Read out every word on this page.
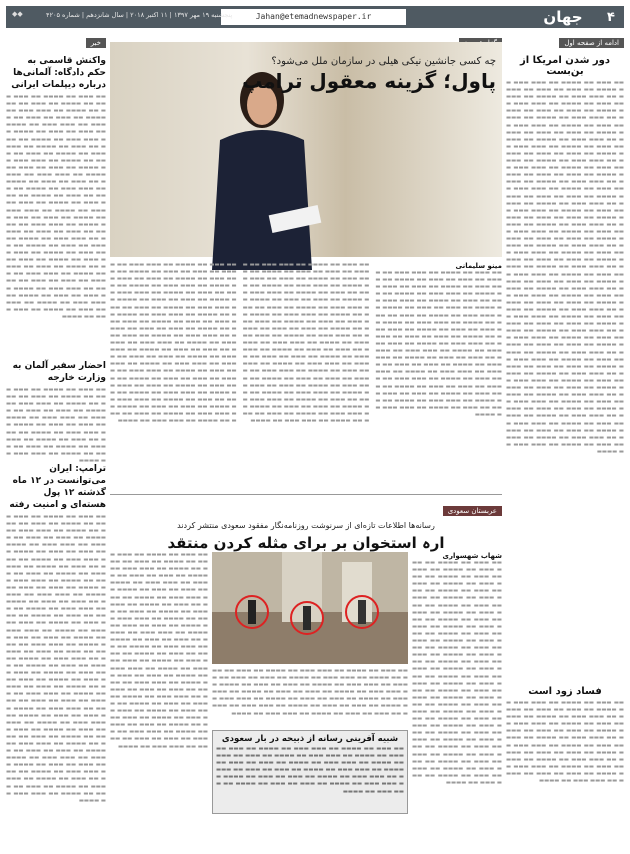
۴
جهان
Jahan@etemadnewspaper.ir
پنجشنبه ۱۹ مهر ۱۳۹۷ | ۱۱ اکتبر ۲۰۱۸ | سال شانزدهم | شماره ۴۲۰۵
◆◆
ادامه از صفحه اول
دور شدن امریکا از بن‌بست
▬▬ ▬▬▬ ▬▬ ▬▬▬▬ ▬▬ ▬▬▬ ▬▬▬ ▬▬ ▬▬▬▬ ▬▬ ▬▬▬ ▬▬ ▬▬▬ ▬▬ ▬▬▬▬ ▬▬ ▬▬▬ ▬▬▬ ▬▬ ▬▬▬▬ ▬▬ ▬▬▬ ▬▬ ▬▬▬ ▬▬ ▬▬▬▬ ▬▬ ▬▬▬ ▬▬▬ ▬▬ ▬▬▬▬ ▬▬ ▬▬▬ ▬▬ ▬▬▬ ▬▬ ▬▬▬▬ ▬▬ ▬▬▬ ▬▬▬ ▬▬ ▬▬▬▬ ▬▬ ▬▬▬ ▬▬ ▬▬▬ ▬▬ ▬▬▬▬ ▬▬ ▬▬▬ ▬▬▬ ▬▬ ▬▬▬▬ ▬▬ ▬▬▬ ▬▬ ▬▬▬ ▬▬ ▬▬▬▬ ▬▬ ▬▬▬ ▬▬▬ ▬▬ ▬▬▬▬ ▬▬ ▬▬▬ ▬▬ ▬▬▬ ▬▬ ▬▬▬▬ ▬▬ ▬▬▬ ▬▬▬ ▬▬ ▬▬▬▬ ▬▬ ▬▬▬ ▬▬ ▬▬▬ ▬▬ ▬▬▬▬ ▬▬ ▬▬▬ ▬▬▬ ▬▬ ▬▬▬▬ ▬▬ ▬▬▬ ▬▬ ▬▬▬ ▬▬ ▬▬▬▬ ▬▬ ▬▬▬ ▬▬▬ ▬▬ ▬▬▬▬ ▬▬ ▬▬▬ ▬▬ ▬▬▬ ▬▬ ▬▬▬▬ ▬▬ ▬▬▬ ▬▬▬ ▬▬ ▬▬▬▬ ▬▬ ▬▬▬ ▬▬ ▬▬▬ ▬▬ ▬▬▬▬ ▬▬ ▬▬▬ ▬▬▬ ▬▬ ▬▬▬▬ ▬▬ ▬▬▬ ▬▬ ▬▬▬ ▬▬ ▬▬▬▬ ▬▬ ▬▬▬ ▬▬▬ ▬▬ ▬▬▬▬ ▬▬ ▬▬▬ ▬▬ ▬▬▬ ▬▬ ▬▬▬▬ ▬▬ ▬▬▬ ▬▬▬ ▬▬ ▬▬▬▬ ▬▬ ▬▬▬ ▬▬ ▬▬▬ ▬▬ ▬▬▬▬ ▬▬ ▬▬▬ ▬▬▬ ▬▬ ▬▬▬▬ ▬▬ ▬▬▬ ▬▬ ▬▬▬ ▬▬ ▬▬▬▬ ▬▬ ▬▬▬ ▬▬▬ ▬▬ ▬▬▬▬ ▬▬ ▬▬▬ ▬▬ ▬▬▬ ▬▬ ▬▬▬▬ ▬▬ ▬▬▬ ▬▬▬ ▬▬ ▬▬▬▬ ▬▬ ▬▬▬ ▬▬ ▬▬▬ ▬▬ ▬▬▬▬ ▬▬ ▬▬▬ ▬▬▬ ▬▬ ▬▬▬▬ ▬▬ ▬▬▬ ▬▬ ▬▬▬ ▬▬ ▬▬▬▬ ▬▬ ▬▬▬ ▬▬▬ ▬▬ ▬▬▬▬ ▬▬ ▬▬▬ ▬▬ ▬▬▬ ▬▬ ▬▬▬▬ ▬▬ ▬▬▬ ▬▬▬ ▬▬ ▬▬▬▬ ▬▬ ▬▬▬ ▬▬ ▬▬▬ ▬▬ ▬▬▬▬ ▬▬ ▬▬▬ ▬▬▬ ▬▬ ▬▬▬▬ ▬▬ ▬▬▬ ▬▬ ▬▬▬ ▬▬ ▬▬▬▬ ▬▬ ▬▬▬ ▬▬▬ ▬▬ ▬▬▬▬ ▬▬ ▬▬▬ ▬▬ ▬▬▬ ▬▬ ▬▬▬▬ ▬▬ ▬▬▬ ▬▬▬ ▬▬ ▬▬▬▬ ▬▬ ▬▬▬ ▬▬ ▬▬▬ ▬▬ ▬▬▬▬ ▬▬ ▬▬▬ ▬▬▬ ▬▬ ▬▬▬▬ ▬▬ ▬▬▬ ▬▬ ▬▬▬ ▬▬ ▬▬▬▬ ▬▬ ▬▬▬ ▬▬▬ ▬▬ ▬▬▬▬ ▬▬ ▬▬▬ ▬▬ ▬▬▬ ▬▬ ▬▬▬▬ ▬▬ ▬▬▬ ▬▬▬ ▬▬ ▬▬▬▬ ▬▬ ▬▬▬ ▬▬ ▬▬▬ ▬▬ ▬▬▬▬ ▬▬ ▬▬▬ ▬▬▬ ▬▬ ▬▬▬▬ ▬▬ ▬▬▬ ▬▬ ▬▬▬ ▬▬ ▬▬▬▬ ▬▬ ▬▬▬ ▬▬▬ ▬▬ ▬▬▬▬ ▬▬ ▬▬▬ ▬▬ ▬▬▬ ▬▬ ▬▬▬▬ ▬▬ ▬▬▬ ▬▬▬ ▬▬ ▬▬▬▬ ▬▬ ▬▬▬ ▬▬ ▬▬▬ ▬▬ ▬▬▬▬ ▬▬ ▬▬▬ ▬▬▬ ▬▬ ▬▬▬▬ ▬▬ ▬▬▬ ▬▬ ▬▬▬ ▬▬ ▬▬▬▬ ▬▬ ▬▬▬ ▬▬▬ ▬▬ ▬▬▬▬ ▬▬ ▬▬▬ ▬▬ ▬▬▬ ▬▬ ▬▬▬▬ ▬▬ ▬▬▬ ▬▬▬ ▬▬ ▬▬▬▬ ▬▬ ▬▬▬ ▬▬ ▬▬▬ ▬▬ ▬▬▬▬ ▬▬ ▬▬▬ ▬▬▬ ▬▬ ▬▬▬▬ ▬▬ ▬▬▬ ▬▬ ▬▬▬ ▬▬ ▬▬▬▬ ▬▬ ▬▬▬ ▬▬▬ ▬▬ ▬▬▬▬ ▬▬ ▬▬▬ ▬▬ ▬▬▬ ▬▬ ▬▬▬▬ ▬▬ ▬▬▬ ▬▬▬ ▬▬ ▬▬▬▬ ▬▬ ▬▬▬ ▬▬ ▬▬▬ ▬▬ ▬▬▬▬ ▬▬ ▬▬▬ ▬▬▬ ▬▬ ▬▬▬▬
فساد زود است
▬▬ ▬▬▬ ▬▬ ▬▬▬▬ ▬▬ ▬▬▬ ▬▬▬ ▬▬ ▬▬▬▬ ▬▬ ▬▬▬ ▬▬ ▬▬▬ ▬▬ ▬▬▬▬ ▬▬ ▬▬▬ ▬▬▬ ▬▬ ▬▬▬▬ ▬▬ ▬▬▬ ▬▬ ▬▬▬ ▬▬ ▬▬▬▬ ▬▬ ▬▬▬ ▬▬▬ ▬▬ ▬▬▬▬ ▬▬ ▬▬▬ ▬▬ ▬▬▬ ▬▬ ▬▬▬▬ ▬▬ ▬▬▬ ▬▬▬ ▬▬ ▬▬▬▬ ▬▬ ▬▬▬ ▬▬ ▬▬▬ ▬▬ ▬▬▬▬ ▬▬ ▬▬▬ ▬▬▬ ▬▬ ▬▬▬▬ ▬▬ ▬▬▬ ▬▬ ▬▬▬ ▬▬ ▬▬▬▬ ▬▬ ▬▬▬ ▬▬▬ ▬▬ ▬▬▬▬ ▬▬ ▬▬▬ ▬▬ ▬▬▬ ▬▬ ▬▬▬▬ ▬▬ ▬▬▬ ▬▬▬ ▬▬ ▬▬▬▬ ▬▬ ▬▬▬ ▬▬ ▬▬▬ ▬▬ ▬▬▬▬ ▬▬ ▬▬▬ ▬▬▬ ▬▬ ▬▬▬▬
چه کسی جانشین نیکی هیلی در سازمان ملل می‌شود؟
پاول؛ گزینه معقول ترامپ
مینو سلیمانی
▬▬ ▬▬▬ ▬▬ ▬▬▬▬ ▬▬ ▬▬▬ ▬▬▬ ▬▬ ▬▬▬▬ ▬▬ ▬▬▬ ▬▬ ▬▬▬ ▬▬ ▬▬▬▬ ▬▬ ▬▬▬ ▬▬▬ ▬▬ ▬▬▬▬ ▬▬ ▬▬▬ ▬▬ ▬▬▬ ▬▬ ▬▬▬▬ ▬▬ ▬▬▬ ▬▬▬ ▬▬ ▬▬▬▬ ▬▬ ▬▬▬ ▬▬ ▬▬▬ ▬▬ ▬▬▬▬ ▬▬ ▬▬▬ ▬▬▬ ▬▬ ▬▬▬▬ ▬▬ ▬▬▬ ▬▬ ▬▬▬ ▬▬ ▬▬▬▬ ▬▬ ▬▬▬ ▬▬▬ ▬▬ ▬▬▬▬ ▬▬ ▬▬▬ ▬▬ ▬▬▬ ▬▬ ▬▬▬▬ ▬▬ ▬▬▬ ▬▬▬ ▬▬ ▬▬▬▬ ▬▬ ▬▬▬ ▬▬ ▬▬▬ ▬▬ ▬▬▬▬ ▬▬ ▬▬▬ ▬▬▬ ▬▬ ▬▬▬▬ ▬▬ ▬▬▬ ▬▬ ▬▬▬ ▬▬ ▬▬▬▬ ▬▬ ▬▬▬ ▬▬▬ ▬▬ ▬▬▬▬ ▬▬ ▬▬▬ ▬▬ ▬▬▬ ▬▬ ▬▬▬▬ ▬▬ ▬▬▬ ▬▬▬ ▬▬ ▬▬▬▬ ▬▬ ▬▬▬ ▬▬ ▬▬▬ ▬▬ ▬▬▬▬ ▬▬ ▬▬▬ ▬▬▬ ▬▬ ▬▬▬▬ ▬▬ ▬▬▬ ▬▬ ▬▬▬ ▬▬ ▬▬▬▬ ▬▬ ▬▬▬ ▬▬▬ ▬▬ ▬▬▬▬ ▬▬ ▬▬▬ ▬▬ ▬▬▬ ▬▬ ▬▬▬▬ ▬▬ ▬▬▬ ▬▬▬ ▬▬ ▬▬▬▬ ▬▬ ▬▬▬ ▬▬ ▬▬▬ ▬▬ ▬▬▬▬ ▬▬ ▬▬▬ ▬▬▬ ▬▬ ▬▬▬▬ ▬▬ ▬▬▬ ▬▬ ▬▬▬ ▬▬ ▬▬▬▬ ▬▬ ▬▬▬ ▬▬▬ ▬▬ ▬▬▬▬ ▬▬ ▬▬▬ ▬▬ ▬▬▬ ▬▬ ▬▬▬▬ ▬▬ ▬▬▬ ▬▬▬ ▬▬ ▬▬▬▬
▬▬ ▬▬▬ ▬▬ ▬▬▬▬ ▬▬ ▬▬▬ ▬▬▬ ▬▬ ▬▬▬▬ ▬▬ ▬▬▬ ▬▬ ▬▬▬ ▬▬ ▬▬▬▬ ▬▬ ▬▬▬ ▬▬▬ ▬▬ ▬▬▬▬ ▬▬ ▬▬▬ ▬▬ ▬▬▬ ▬▬ ▬▬▬▬ ▬▬ ▬▬▬ ▬▬▬ ▬▬ ▬▬▬▬ ▬▬ ▬▬▬ ▬▬ ▬▬▬ ▬▬ ▬▬▬▬ ▬▬ ▬▬▬ ▬▬▬ ▬▬ ▬▬▬▬ ▬▬ ▬▬▬ ▬▬ ▬▬▬ ▬▬ ▬▬▬▬ ▬▬ ▬▬▬ ▬▬▬ ▬▬ ▬▬▬▬ ▬▬ ▬▬▬ ▬▬ ▬▬▬ ▬▬ ▬▬▬▬ ▬▬ ▬▬▬ ▬▬▬ ▬▬ ▬▬▬▬ ▬▬ ▬▬▬ ▬▬ ▬▬▬ ▬▬ ▬▬▬▬ ▬▬ ▬▬▬ ▬▬▬ ▬▬ ▬▬▬▬ ▬▬ ▬▬▬ ▬▬ ▬▬▬ ▬▬ ▬▬▬▬ ▬▬ ▬▬▬ ▬▬▬ ▬▬ ▬▬▬▬ ▬▬ ▬▬▬ ▬▬ ▬▬▬ ▬▬ ▬▬▬▬ ▬▬ ▬▬▬ ▬▬▬ ▬▬ ▬▬▬▬ ▬▬ ▬▬▬ ▬▬ ▬▬▬ ▬▬ ▬▬▬▬ ▬▬ ▬▬▬ ▬▬▬ ▬▬ ▬▬▬▬ ▬▬ ▬▬▬ ▬▬ ▬▬▬ ▬▬ ▬▬▬▬ ▬▬ ▬▬▬ ▬▬▬ ▬▬ ▬▬▬▬ ▬▬ ▬▬▬ ▬▬ ▬▬▬ ▬▬ ▬▬▬▬ ▬▬ ▬▬▬ ▬▬▬ ▬▬ ▬▬▬▬ ▬▬ ▬▬▬ ▬▬ ▬▬▬ ▬▬ ▬▬▬▬ ▬▬ ▬▬▬ ▬▬▬ ▬▬ ▬▬▬▬ ▬▬ ▬▬▬ ▬▬ ▬▬▬ ▬▬ ▬▬▬▬ ▬▬ ▬▬▬ ▬▬▬ ▬▬ ▬▬▬▬ ▬▬ ▬▬▬ ▬▬ ▬▬▬ ▬▬ ▬▬▬▬ ▬▬ ▬▬▬ ▬▬▬ ▬▬ ▬▬▬▬ ▬▬ ▬▬▬ ▬▬ ▬▬▬ ▬▬ ▬▬▬▬ ▬▬ ▬▬▬ ▬▬▬ ▬▬ ▬▬▬▬ ▬▬ ▬▬▬ ▬▬ ▬▬▬ ▬▬ ▬▬▬▬ ▬▬ ▬▬▬ ▬▬▬ ▬▬ ▬▬▬▬
▬▬ ▬▬▬ ▬▬ ▬▬▬▬ ▬▬ ▬▬▬ ▬▬▬ ▬▬ ▬▬▬▬ ▬▬ ▬▬▬ ▬▬ ▬▬▬ ▬▬ ▬▬▬▬ ▬▬ ▬▬▬ ▬▬▬ ▬▬ ▬▬▬▬ ▬▬ ▬▬▬ ▬▬ ▬▬▬ ▬▬ ▬▬▬▬ ▬▬ ▬▬▬ ▬▬▬ ▬▬ ▬▬▬▬ ▬▬ ▬▬▬ ▬▬ ▬▬▬ ▬▬ ▬▬▬▬ ▬▬ ▬▬▬ ▬▬▬ ▬▬ ▬▬▬▬ ▬▬ ▬▬▬ ▬▬ ▬▬▬ ▬▬ ▬▬▬▬ ▬▬ ▬▬▬ ▬▬▬ ▬▬ ▬▬▬▬ ▬▬ ▬▬▬ ▬▬ ▬▬▬ ▬▬ ▬▬▬▬ ▬▬ ▬▬▬ ▬▬▬ ▬▬ ▬▬▬▬ ▬▬ ▬▬▬ ▬▬ ▬▬▬ ▬▬ ▬▬▬▬ ▬▬ ▬▬▬ ▬▬▬ ▬▬ ▬▬▬▬ ▬▬ ▬▬▬ ▬▬ ▬▬▬ ▬▬ ▬▬▬▬ ▬▬ ▬▬▬ ▬▬▬ ▬▬ ▬▬▬▬ ▬▬ ▬▬▬ ▬▬ ▬▬▬ ▬▬ ▬▬▬▬ ▬▬ ▬▬▬ ▬▬▬ ▬▬ ▬▬▬▬ ▬▬ ▬▬▬ ▬▬ ▬▬▬ ▬▬ ▬▬▬▬ ▬▬ ▬▬▬ ▬▬▬ ▬▬ ▬▬▬▬ ▬▬ ▬▬▬ ▬▬ ▬▬▬ ▬▬ ▬▬▬▬ ▬▬ ▬▬▬ ▬▬▬ ▬▬ ▬▬▬▬ ▬▬ ▬▬▬ ▬▬ ▬▬▬ ▬▬ ▬▬▬▬ ▬▬ ▬▬▬ ▬▬▬ ▬▬ ▬▬▬▬ ▬▬ ▬▬▬ ▬▬ ▬▬▬ ▬▬ ▬▬▬▬ ▬▬ ▬▬▬ ▬▬▬ ▬▬ ▬▬▬▬ ▬▬ ▬▬▬ ▬▬ ▬▬▬ ▬▬ ▬▬▬▬ ▬▬ ▬▬▬ ▬▬▬ ▬▬ ▬▬▬▬ ▬▬ ▬▬▬ ▬▬ ▬▬▬ ▬▬ ▬▬▬▬ ▬▬ ▬▬▬ ▬▬▬ ▬▬ ▬▬▬▬ ▬▬ ▬▬▬ ▬▬ ▬▬▬ ▬▬ ▬▬▬▬ ▬▬ ▬▬▬ ▬▬▬ ▬▬ ▬▬▬▬ ▬▬ ▬▬▬ ▬▬ ▬▬▬ ▬▬ ▬▬▬▬ ▬▬ ▬▬▬ ▬▬▬ ▬▬ ▬▬▬▬
عربستان سعودی
رسانه‌ها اطلاعات تازه‌ای از سرنوشت روزنامه‌نگار مفقود سعودی منتشر کردند
ارہ استخوان بر برای مثله کردن منتقد
▬▬ ▬▬▬ ▬▬ ▬▬▬▬ ▬▬ ▬▬▬ ▬▬▬ ▬▬ ▬▬▬▬ ▬▬ ▬▬▬ ▬▬ ▬▬▬ ▬▬ ▬▬▬▬ ▬▬ ▬▬▬ ▬▬▬ ▬▬ ▬▬▬▬ ▬▬ ▬▬▬ ▬▬ ▬▬▬ ▬▬ ▬▬▬▬ ▬▬ ▬▬▬ ▬▬▬ ▬▬ ▬▬▬▬ ▬▬ ▬▬▬ ▬▬ ▬▬▬ ▬▬ ▬▬▬▬ ▬▬ ▬▬▬ ▬▬▬ ▬▬ ▬▬▬▬ ▬▬ ▬▬▬ ▬▬ ▬▬▬ ▬▬ ▬▬▬▬ ▬▬ ▬▬▬ ▬▬▬ ▬▬ ▬▬▬▬ ▬▬ ▬▬▬ ▬▬ ▬▬▬ ▬▬ ▬▬▬▬ ▬▬ ▬▬▬ ▬▬▬ ▬▬ ▬▬▬▬ ▬▬ ▬▬▬ ▬▬ ▬▬▬ ▬▬ ▬▬▬▬ ▬▬ ▬▬▬ ▬▬▬ ▬▬ ▬▬▬▬ ▬▬ ▬▬▬ ▬▬ ▬▬▬ ▬▬ ▬▬▬▬ ▬▬ ▬▬▬ ▬▬▬ ▬▬ ▬▬▬▬ ▬▬ ▬▬▬ ▬▬ ▬▬▬ ▬▬ ▬▬▬▬ ▬▬ ▬▬▬ ▬▬▬ ▬▬ ▬▬▬▬ ▬▬ ▬▬▬ ▬▬ ▬▬▬ ▬▬ ▬▬▬▬ ▬▬ ▬▬▬ ▬▬▬ ▬▬ ▬▬▬▬ ▬▬ ▬▬▬ ▬▬ ▬▬▬ ▬▬ ▬▬▬▬ ▬▬ ▬▬▬ ▬▬▬ ▬▬ ▬▬▬▬ ▬▬ ▬▬▬ ▬▬ ▬▬▬ ▬▬ ▬▬▬▬ ▬▬ ▬▬▬ ▬▬▬ ▬▬ ▬▬▬▬ ▬▬ ▬▬▬ ▬▬ ▬▬▬ ▬▬ ▬▬▬▬ ▬▬ ▬▬▬ ▬▬▬ ▬▬ ▬▬▬▬ ▬▬ ▬▬▬ ▬▬ ▬▬▬ ▬▬ ▬▬▬▬ ▬▬ ▬▬▬ ▬▬▬ ▬▬ ▬▬▬▬ ▬▬ ▬▬▬ ▬▬ ▬▬▬ ▬▬ ▬▬▬▬ ▬▬ ▬▬▬ ▬▬▬ ▬▬ ▬▬▬▬ ▬▬ ▬▬▬ ▬▬ ▬▬▬ ▬▬ ▬▬▬▬ ▬▬ ▬▬▬ ▬▬▬ ▬▬ ▬▬▬▬
▬▬ ▬▬▬ ▬▬ ▬▬▬▬ ▬▬ ▬▬▬ ▬▬▬ ▬▬ ▬▬▬▬ ▬▬ ▬▬▬ ▬▬ ▬▬▬ ▬▬ ▬▬▬▬ ▬▬ ▬▬▬ ▬▬▬ ▬▬ ▬▬▬▬ ▬▬ ▬▬▬ ▬▬ ▬▬▬ ▬▬ ▬▬▬▬ ▬▬ ▬▬▬ ▬▬▬ ▬▬ ▬▬▬▬ ▬▬ ▬▬▬ ▬▬ ▬▬▬ ▬▬ ▬▬▬▬ ▬▬ ▬▬▬ ▬▬▬ ▬▬ ▬▬▬▬ ▬▬ ▬▬▬ ▬▬ ▬▬▬ ▬▬ ▬▬▬▬ ▬▬ ▬▬▬ ▬▬▬ ▬▬ ▬▬▬▬ ▬▬ ▬▬▬ ▬▬ ▬▬▬ ▬▬ ▬▬▬▬ ▬▬ ▬▬▬ ▬▬▬ ▬▬ ▬▬▬▬ ▬▬ ▬▬▬ ▬▬ ▬▬▬ ▬▬ ▬▬▬▬ ▬▬ ▬▬▬ ▬▬▬ ▬▬ ▬▬▬▬ ▬▬ ▬▬▬ ▬▬ ▬▬▬ ▬▬ ▬▬▬▬ ▬▬ ▬▬▬ ▬▬▬ ▬▬ ▬▬▬▬
شهاب شهسواری
▬▬ ▬▬▬ ▬▬ ▬▬▬▬ ▬▬ ▬▬▬ ▬▬▬ ▬▬ ▬▬▬▬ ▬▬ ▬▬▬ ▬▬ ▬▬▬ ▬▬ ▬▬▬▬ ▬▬ ▬▬▬ ▬▬▬ ▬▬ ▬▬▬▬ ▬▬ ▬▬▬ ▬▬ ▬▬▬ ▬▬ ▬▬▬▬ ▬▬ ▬▬▬ ▬▬▬ ▬▬ ▬▬▬▬ ▬▬ ▬▬▬ ▬▬ ▬▬▬ ▬▬ ▬▬▬▬ ▬▬ ▬▬▬ ▬▬▬ ▬▬ ▬▬▬▬ ▬▬ ▬▬▬ ▬▬ ▬▬▬ ▬▬ ▬▬▬▬ ▬▬ ▬▬▬ ▬▬▬ ▬▬ ▬▬▬▬ ▬▬ ▬▬▬ ▬▬ ▬▬▬ ▬▬ ▬▬▬▬ ▬▬ ▬▬▬ ▬▬▬ ▬▬ ▬▬▬▬ ▬▬ ▬▬▬ ▬▬ ▬▬▬ ▬▬ ▬▬▬▬ ▬▬ ▬▬▬ ▬▬▬ ▬▬ ▬▬▬▬ ▬▬ ▬▬▬ ▬▬ ▬▬▬ ▬▬ ▬▬▬▬ ▬▬ ▬▬▬ ▬▬▬ ▬▬ ▬▬▬▬ ▬▬ ▬▬▬ ▬▬ ▬▬▬ ▬▬ ▬▬▬▬ ▬▬ ▬▬▬ ▬▬▬ ▬▬ ▬▬▬▬ ▬▬ ▬▬▬ ▬▬ ▬▬▬ ▬▬ ▬▬▬▬ ▬▬ ▬▬▬ ▬▬▬ ▬▬ ▬▬▬▬ ▬▬ ▬▬▬ ▬▬ ▬▬▬ ▬▬ ▬▬▬▬ ▬▬ ▬▬▬ ▬▬▬ ▬▬ ▬▬▬▬ ▬▬ ▬▬▬ ▬▬ ▬▬▬ ▬▬ ▬▬▬▬ ▬▬ ▬▬▬ ▬▬▬ ▬▬ ▬▬▬▬ ▬▬ ▬▬▬ ▬▬ ▬▬▬ ▬▬ ▬▬▬▬ ▬▬ ▬▬▬ ▬▬▬ ▬▬ ▬▬▬▬ ▬▬ ▬▬▬ ▬▬ ▬▬▬ ▬▬ ▬▬▬▬ ▬▬ ▬▬▬ ▬▬▬ ▬▬ ▬▬▬▬ ▬▬ ▬▬▬ ▬▬ ▬▬▬ ▬▬ ▬▬▬▬ ▬▬ ▬▬▬ ▬▬▬ ▬▬ ▬▬▬▬ ▬▬ ▬▬▬ ▬▬ ▬▬▬ ▬▬ ▬▬▬▬ ▬▬ ▬▬▬ ▬▬▬ ▬▬ ▬▬▬▬
شبیه آفرینی رسانه از ذبیحه در بار سعودی
▬▬ ▬▬▬ ▬▬ ▬▬▬▬ ▬▬ ▬▬▬ ▬▬▬ ▬▬ ▬▬▬▬ ▬▬ ▬▬▬ ▬▬ ▬▬▬ ▬▬ ▬▬▬▬ ▬▬ ▬▬▬ ▬▬▬ ▬▬ ▬▬▬▬ ▬▬ ▬▬▬ ▬▬ ▬▬▬ ▬▬ ▬▬▬▬ ▬▬ ▬▬▬ ▬▬▬ ▬▬ ▬▬▬▬ ▬▬ ▬▬▬ ▬▬ ▬▬▬ ▬▬ ▬▬▬▬ ▬▬ ▬▬▬ ▬▬▬ ▬▬ ▬▬▬▬ ▬▬ ▬▬▬ ▬▬ ▬▬▬ ▬▬ ▬▬▬▬ ▬▬ ▬▬▬ ▬▬▬ ▬▬ ▬▬▬▬ ▬▬ ▬▬▬ ▬▬ ▬▬▬ ▬▬ ▬▬▬▬ ▬▬ ▬▬▬ ▬▬▬ ▬▬ ▬▬▬▬ ▬▬ ▬▬▬ ▬▬ ▬▬▬ ▬▬ ▬▬▬▬ ▬▬ ▬▬▬ ▬▬▬ ▬▬ ▬▬▬▬
خبر
واکنش قاسمی به حکم دادگاه: آلمانی‌ها درباره دیپلمات ایرانی
▬▬ ▬▬▬ ▬▬ ▬▬▬▬ ▬▬ ▬▬▬ ▬▬▬ ▬▬ ▬▬▬▬ ▬▬ ▬▬▬ ▬▬ ▬▬▬ ▬▬ ▬▬▬▬ ▬▬ ▬▬▬ ▬▬▬ ▬▬ ▬▬▬▬ ▬▬ ▬▬▬ ▬▬ ▬▬▬ ▬▬ ▬▬▬▬ ▬▬ ▬▬▬ ▬▬▬ ▬▬ ▬▬▬▬ ▬▬ ▬▬▬ ▬▬ ▬▬▬ ▬▬ ▬▬▬▬ ▬▬ ▬▬▬ ▬▬▬ ▬▬ ▬▬▬▬ ▬▬ ▬▬▬ ▬▬ ▬▬▬ ▬▬ ▬▬▬▬ ▬▬ ▬▬▬ ▬▬▬ ▬▬ ▬▬▬▬ ▬▬ ▬▬▬ ▬▬ ▬▬▬ ▬▬ ▬▬▬▬ ▬▬ ▬▬▬ ▬▬▬ ▬▬ ▬▬▬▬ ▬▬ ▬▬▬ ▬▬ ▬▬▬ ▬▬ ▬▬▬▬ ▬▬ ▬▬▬ ▬▬▬ ▬▬ ▬▬▬▬ ▬▬ ▬▬▬ ▬▬ ▬▬▬ ▬▬ ▬▬▬▬ ▬▬ ▬▬▬ ▬▬▬ ▬▬ ▬▬▬▬ ▬▬ ▬▬▬ ▬▬ ▬▬▬ ▬▬ ▬▬▬▬ ▬▬ ▬▬▬ ▬▬▬ ▬▬ ▬▬▬▬ ▬▬ ▬▬▬ ▬▬ ▬▬▬ ▬▬ ▬▬▬▬ ▬▬ ▬▬▬ ▬▬▬ ▬▬ ▬▬▬▬ ▬▬ ▬▬▬ ▬▬ ▬▬▬ ▬▬ ▬▬▬▬ ▬▬ ▬▬▬ ▬▬▬ ▬▬ ▬▬▬▬ ▬▬ ▬▬▬ ▬▬ ▬▬▬ ▬▬ ▬▬▬▬ ▬▬ ▬▬▬ ▬▬▬ ▬▬ ▬▬▬▬ ▬▬ ▬▬▬ ▬▬ ▬▬▬ ▬▬ ▬▬▬▬ ▬▬ ▬▬▬ ▬▬▬ ▬▬ ▬▬▬▬ ▬▬ ▬▬▬ ▬▬ ▬▬▬ ▬▬ ▬▬▬▬ ▬▬ ▬▬▬ ▬▬▬ ▬▬ ▬▬▬▬ ▬▬ ▬▬▬ ▬▬ ▬▬▬ ▬▬ ▬▬▬▬ ▬▬ ▬▬▬ ▬▬▬ ▬▬ ▬▬▬▬ ▬▬ ▬▬▬ ▬▬ ▬▬▬ ▬▬ ▬▬▬▬ ▬▬ ▬▬▬ ▬▬▬ ▬▬ ▬▬▬▬ ▬▬ ▬▬▬ ▬▬ ▬▬▬ ▬▬ ▬▬▬▬ ▬▬ ▬▬▬ ▬▬▬ ▬▬ ▬▬▬▬ ▬▬ ▬▬▬ ▬▬ ▬▬▬ ▬▬ ▬▬▬▬ ▬▬ ▬▬▬ ▬▬▬ ▬▬ ▬▬▬▬
احضار سفیر آلمان به وزارت خارجه
▬▬ ▬▬▬ ▬▬ ▬▬▬▬ ▬▬ ▬▬▬ ▬▬▬ ▬▬ ▬▬▬▬ ▬▬ ▬▬▬ ▬▬ ▬▬▬ ▬▬ ▬▬▬▬ ▬▬ ▬▬▬ ▬▬▬ ▬▬ ▬▬▬▬ ▬▬ ▬▬▬ ▬▬ ▬▬▬ ▬▬ ▬▬▬▬ ▬▬ ▬▬▬ ▬▬▬ ▬▬ ▬▬▬▬ ▬▬ ▬▬▬ ▬▬ ▬▬▬ ▬▬ ▬▬▬▬ ▬▬ ▬▬▬ ▬▬▬ ▬▬ ▬▬▬▬ ▬▬ ▬▬▬ ▬▬ ▬▬▬ ▬▬ ▬▬▬▬ ▬▬ ▬▬▬ ▬▬▬ ▬▬ ▬▬▬▬ ▬▬ ▬▬▬ ▬▬ ▬▬▬ ▬▬ ▬▬▬▬ ▬▬ ▬▬▬ ▬▬▬ ▬▬ ▬▬▬▬
ترامپ: ایران می‌توانست در ۱۲ ماه گذشته ۱۲ پول هسته‌ای و امنیت رفته
▬▬ ▬▬▬ ▬▬ ▬▬▬▬ ▬▬ ▬▬▬ ▬▬▬ ▬▬ ▬▬▬▬ ▬▬ ▬▬▬ ▬▬ ▬▬▬ ▬▬ ▬▬▬▬ ▬▬ ▬▬▬ ▬▬▬ ▬▬ ▬▬▬▬ ▬▬ ▬▬▬ ▬▬ ▬▬▬ ▬▬ ▬▬▬▬ ▬▬ ▬▬▬ ▬▬▬ ▬▬ ▬▬▬▬ ▬▬ ▬▬▬ ▬▬ ▬▬▬ ▬▬ ▬▬▬▬ ▬▬ ▬▬▬ ▬▬▬ ▬▬ ▬▬▬▬ ▬▬ ▬▬▬ ▬▬ ▬▬▬ ▬▬ ▬▬▬▬ ▬▬ ▬▬▬ ▬▬▬ ▬▬ ▬▬▬▬ ▬▬ ▬▬▬ ▬▬ ▬▬▬ ▬▬ ▬▬▬▬ ▬▬ ▬▬▬ ▬▬▬ ▬▬ ▬▬▬▬ ▬▬ ▬▬▬ ▬▬ ▬▬▬ ▬▬ ▬▬▬▬ ▬▬ ▬▬▬ ▬▬▬ ▬▬ ▬▬▬▬ ▬▬ ▬▬▬ ▬▬ ▬▬▬ ▬▬ ▬▬▬▬ ▬▬ ▬▬▬ ▬▬▬ ▬▬ ▬▬▬▬ ▬▬ ▬▬▬ ▬▬ ▬▬▬ ▬▬ ▬▬▬▬ ▬▬ ▬▬▬ ▬▬▬ ▬▬ ▬▬▬▬ ▬▬ ▬▬▬ ▬▬ ▬▬▬ ▬▬ ▬▬▬▬ ▬▬ ▬▬▬ ▬▬▬ ▬▬ ▬▬▬▬ ▬▬ ▬▬▬ ▬▬ ▬▬▬ ▬▬ ▬▬▬▬ ▬▬ ▬▬▬ ▬▬▬ ▬▬ ▬▬▬▬ ▬▬ ▬▬▬ ▬▬ ▬▬▬ ▬▬ ▬▬▬▬ ▬▬ ▬▬▬ ▬▬▬ ▬▬ ▬▬▬▬ ▬▬ ▬▬▬ ▬▬ ▬▬▬ ▬▬ ▬▬▬▬ ▬▬ ▬▬▬ ▬▬▬ ▬▬ ▬▬▬▬ ▬▬ ▬▬▬ ▬▬ ▬▬▬ ▬▬ ▬▬▬▬ ▬▬ ▬▬▬ ▬▬▬ ▬▬ ▬▬▬▬ ▬▬ ▬▬▬ ▬▬ ▬▬▬ ▬▬ ▬▬▬▬ ▬▬ ▬▬▬ ▬▬▬ ▬▬ ▬▬▬▬ ▬▬ ▬▬▬ ▬▬ ▬▬▬ ▬▬ ▬▬▬▬ ▬▬ ▬▬▬ ▬▬▬ ▬▬ ▬▬▬▬ ▬▬ ▬▬▬ ▬▬ ▬▬▬ ▬▬ ▬▬▬▬ ▬▬ ▬▬▬ ▬▬▬ ▬▬ ▬▬▬▬ ▬▬ ▬▬▬ ▬▬ ▬▬▬ ▬▬ ▬▬▬▬ ▬▬ ▬▬▬ ▬▬▬ ▬▬ ▬▬▬▬ ▬▬ ▬▬▬ ▬▬ ▬▬▬ ▬▬ ▬▬▬▬ ▬▬ ▬▬▬ ▬▬▬ ▬▬ ▬▬▬▬ ▬▬ ▬▬▬ ▬▬ ▬▬▬ ▬▬ ▬▬▬▬ ▬▬ ▬▬▬ ▬▬▬ ▬▬ ▬▬▬▬ ▬▬ ▬▬▬ ▬▬ ▬▬▬ ▬▬ ▬▬▬▬ ▬▬ ▬▬▬ ▬▬▬ ▬▬ ▬▬▬▬ ▬▬ ▬▬▬ ▬▬ ▬▬▬ ▬▬ ▬▬▬▬ ▬▬ ▬▬▬ ▬▬▬ ▬▬ ▬▬▬▬ ▬▬ ▬▬▬ ▬▬ ▬▬▬ ▬▬ ▬▬▬▬ ▬▬ ▬▬▬ ▬▬▬ ▬▬ ▬▬▬▬
